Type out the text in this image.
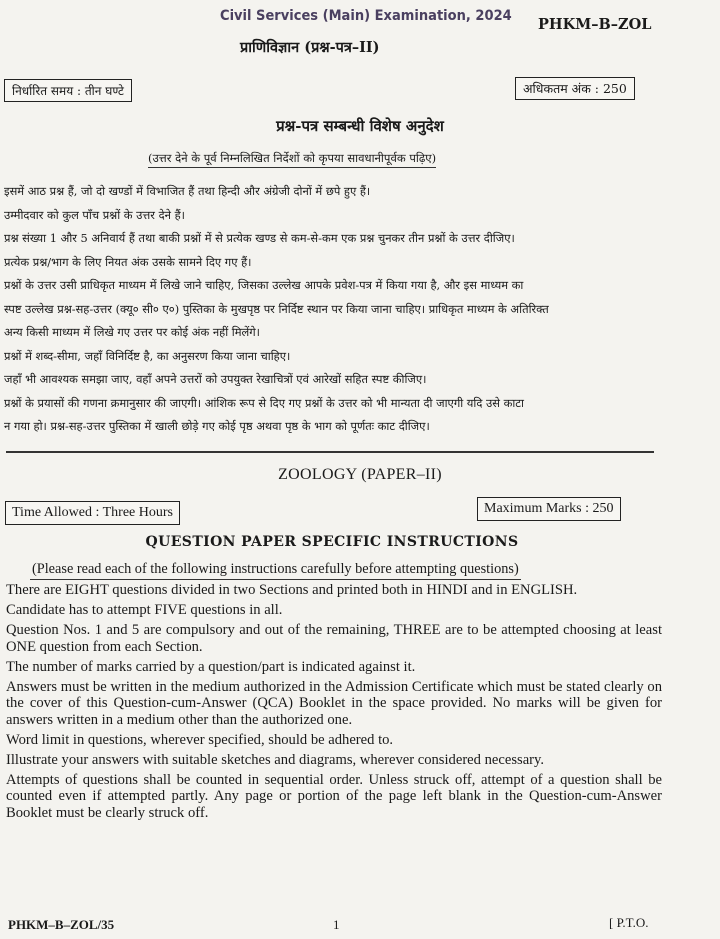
Civil Services (Main) Examination, 2024 PHKM–B–ZOL
प्राणिविज्ञान (प्रश्न-पत्र–II)
निर्धारित समय : तीन घण्टे	अधिकतम अंक : 250
प्रश्न-पत्र सम्बन्धी विशेष अनुदेश
(उत्तर देने के पूर्व निम्नलिखित निर्देशों को कृपया सावधानीपूर्वक पढ़िए)

इसमें आठ प्रश्न हैं, जो दो खण्डों में विभाजित हैं तथा हिन्दी और अंग्रेजी दोनों में छपे हुए हैं।

उम्मीदवार को कुल पाँच प्रश्नों के उत्तर देने हैं।

प्रश्न संख्या 1 और 5 अनिवार्य हैं तथा बाकी प्रश्नों में से प्रत्येक खण्ड से कम-से-कम एक प्रश्न चुनकर तीन प्रश्नों के उत्तर दीजिए।

प्रत्येक प्रश्न/भाग के लिए नियत अंक उसके सामने दिए गए हैं।

प्रश्नों के उत्तर उसी प्राधिकृत माध्यम में लिखे जाने चाहिए, जिसका उल्लेख आपके प्रवेश-पत्र में किया गया है, और इस माध्यम का

स्पष्ट उल्लेख प्रश्न-सह-उत्तर (क्यू० सी० ए०) पुस्तिका के मुखपृष्ठ पर निर्दिष्ट स्थान पर किया जाना चाहिए। प्राधिकृत माध्यम के अतिरिक्त

अन्य किसी माध्यम में लिखे गए उत्तर पर कोई अंक नहीं मिलेंगे।

प्रश्नों में शब्द-सीमा, जहाँ विनिर्दिष्ट है, का अनुसरण किया जाना चाहिए।

जहाँ भी आवश्यक समझा जाए, वहाँ अपने उत्तरों को उपयुक्त रेखाचित्रों एवं आरेखों सहित स्पष्ट कीजिए।

प्रश्नों के प्रयासों की गणना क्रमानुसार की जाएगी। आंशिक रूप से दिए गए प्रश्नों के उत्तर को भी मान्यता दी जाएगी यदि उसे काटा

न गया हो। प्रश्न-सह-उत्तर पुस्तिका में खाली छोड़े गए कोई पृष्ठ अथवा पृष्ठ के भाग को पूर्णतः काट दीजिए।

ZOOLOGY (PAPER–II)
Time Allowed : Three Hours	Maximum Marks : 250
QUESTION PAPER SPECIFIC INSTRUCTIONS
(Please read each of the following instructions carefully before attempting questions)

There are EIGHT questions divided in two Sections and printed both in HINDI and in ENGLISH.

Candidate has to attempt FIVE questions in all.

Question Nos. 1 and 5 are compulsory and out of the remaining, THREE are to be attempted choosing at least ONE question from each Section.

The number of marks carried by a question/part is indicated against it.

Answers must be written in the medium authorized in the Admission Certificate which must be stated clearly on the cover of this Question-cum-Answer (QCA) Booklet in the space provided. No marks will be given for answers written in a medium other than the authorized one.

Word limit in questions, wherever specified, should be adhered to.

Illustrate your answers with suitable sketches and diagrams, wherever considered necessary.

Attempts of questions shall be counted in sequential order. Unless struck off, attempt of a question shall be counted even if attempted partly. Any page or portion of the page left blank in the Question-cum-Answer Booklet must be clearly struck off.

PHKM–B–ZOL/35	1	[ P.T.O.
